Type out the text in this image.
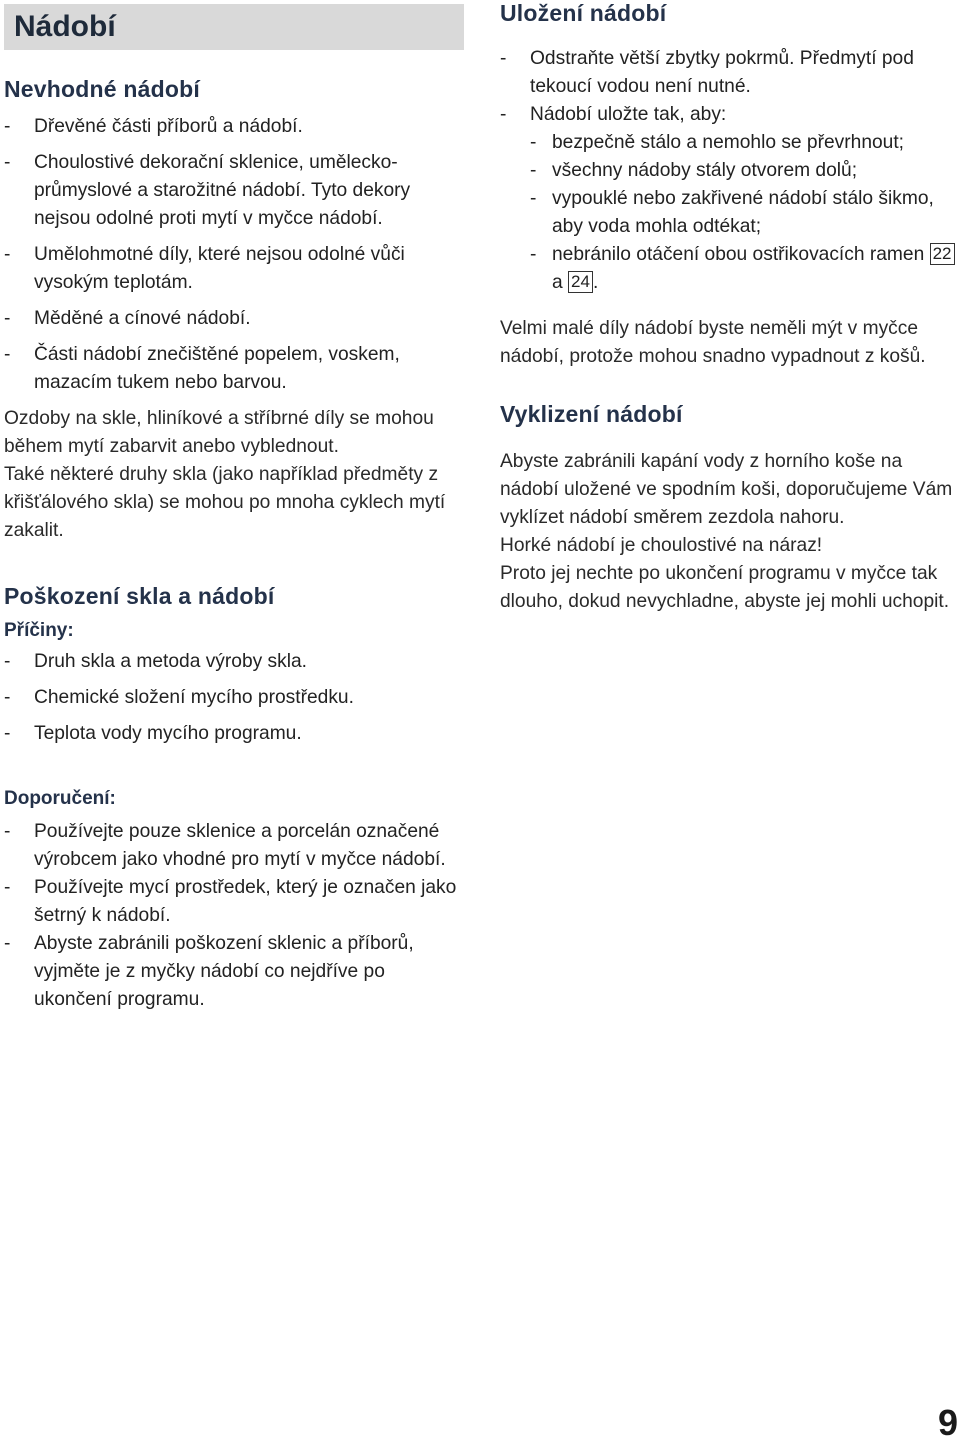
Nádobí
Nevhodné nádobí
- Dřevěné části příborů a nádobí.
- Choulostivé dekorační sklenice, umělecko-průmyslové a starožitné nádobí. Tyto dekory nejsou odolné proti mytí v myčce nádobí.
- Umělohmotné díly, které nejsou odolné vůči vysokým teplotám.
- Měděné a cínové nádobí.
- Části nádobí znečištěné popelem, voskem, mazacím tukem nebo barvou.
Ozdoby na skle, hliníkové a stříbrné díly se mohou během mytí zabarvit anebo vyblednout.
Také některé druhy skla (jako například předměty z křišťálového skla) se mohou po mnoha cyklech mytí zakalit.
Poškození skla a nádobí
Příčiny:
- Druh skla a metoda výroby skla.
- Chemické složení mycího prostředku.
- Teplota vody mycího programu.
Doporučení:
- Používejte pouze sklenice a porcelán označené výrobcem jako vhodné pro mytí v myčce nádobí.
- Používejte mycí prostředek, který je označen jako šetrný k nádobí.
- Abyste zabránili poškození sklenic a příborů, vyjměte je z myčky nádobí co nejdříve po ukončení programu.
Uložení nádobí
- Odstraňte větší zbytky pokrmů. Předmytí pod tekoucí vodou není nutné.
- Nádobí uložte tak, aby:
- bezpečně stálo a nemohlo se převrhnout;
- všechny nádoby stály otvorem dolů;
- vypouklé nebo zakřivené nádobí stálo šikmo, aby voda mohla odtékat;
- nebránilo otáčení obou ostřikovacích ramen 22 a 24 .
Velmi malé díly nádobí byste neměli mýt v myčce nádobí, protože mohou snadno vypadnout z košů.
Vyklizení nádobí
Abyste zabránili kapání vody z horního koše na nádobí uložené ve spodním koši, doporučujeme Vám vyklízet nádobí směrem zezdola nahoru.
Horké nádobí je choulostivé na náraz!
Proto jej nechte po ukončení programu v myčce tak dlouho, dokud nevychladne, abyste jej mohli uchopit.
9
